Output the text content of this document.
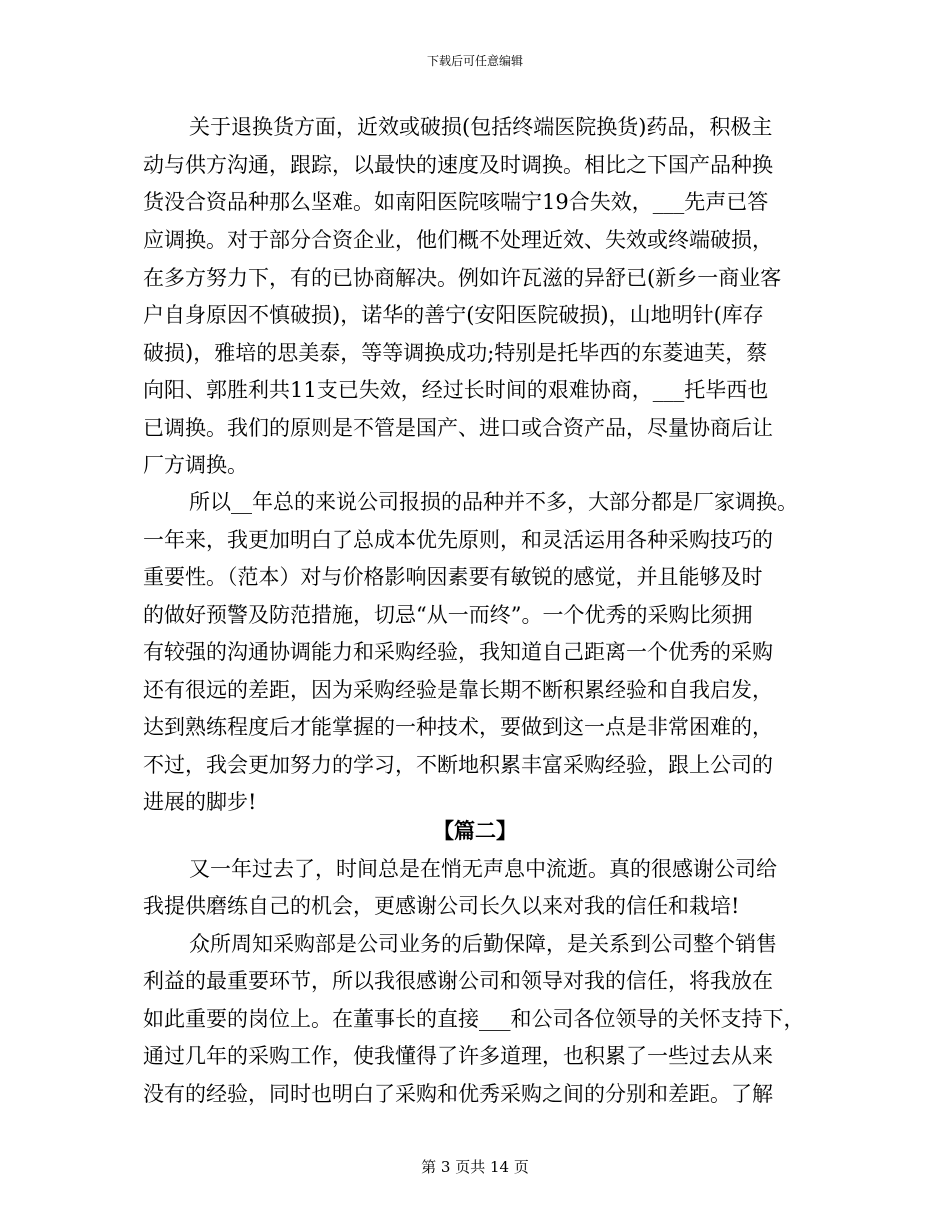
下载后可任意编辑
关于退换货方面，近效或破损(包括终端医院换货)药品，积极主
动与供方沟通，跟踪，以最快的速度及时调换。相比之下国产品种换
货没合资品种那么坚难。如南阳医院咳喘宁19合失效，___先声已答
应调换。对于部分合资企业，他们概不处理近效、失效或终端破损，
在多方努力下，有的已协商解决。例如许瓦滋的异舒已(新乡一商业客
户自身原因不慎破损)，诺华的善宁(安阳医院破损)，山地明针(库存
破损)，雅培的思美泰，等等调换成功;特别是托毕西的东菱迪芙，蔡
向阳、郭胜利共11支已失效，经过长时间的艰难协商，___托毕西也
已调换。我们的原则是不管是国产、进口或合资产品，尽量协商后让
厂方调换。
所以__年总的来说公司报损的品种并不多，大部分都是厂家调换。
一年来，我更加明白了总成本优先原则，和灵活运用各种采购技巧的
重要性。（范本）对与价格影响因素要有敏锐的感觉，并且能够及时
的做好预警及防范措施，切忌“从一而终”。一个优秀的采购比须拥
有较强的沟通协调能力和采购经验，我知道自己距离一个优秀的采购
还有很远的差距，因为采购经验是靠长期不断积累经验和自我启发，
达到熟练程度后才能掌握的一种技术，要做到这一点是非常困难的，
不过，我会更加努力的学习，不断地积累丰富采购经验，跟上公司的
进展的脚步!
【篇二】
又一年过去了，时间总是在悄无声息中流逝。真的很感谢公司给
我提供磨练自己的机会，更感谢公司长久以来对我的信任和栽培!
众所周知采购部是公司业务的后勤保障，是关系到公司整个销售
利益的最重要环节，所以我很感谢公司和领导对我的信任，将我放在
如此重要的岗位上。在董事长的直接___和公司各位领导的关怀支持下，
通过几年的采购工作，使我懂得了许多道理，也积累了一些过去从来
没有的经验，同时也明白了采购和优秀采购之间的分别和差距。了解
第 3 页共 14 页
